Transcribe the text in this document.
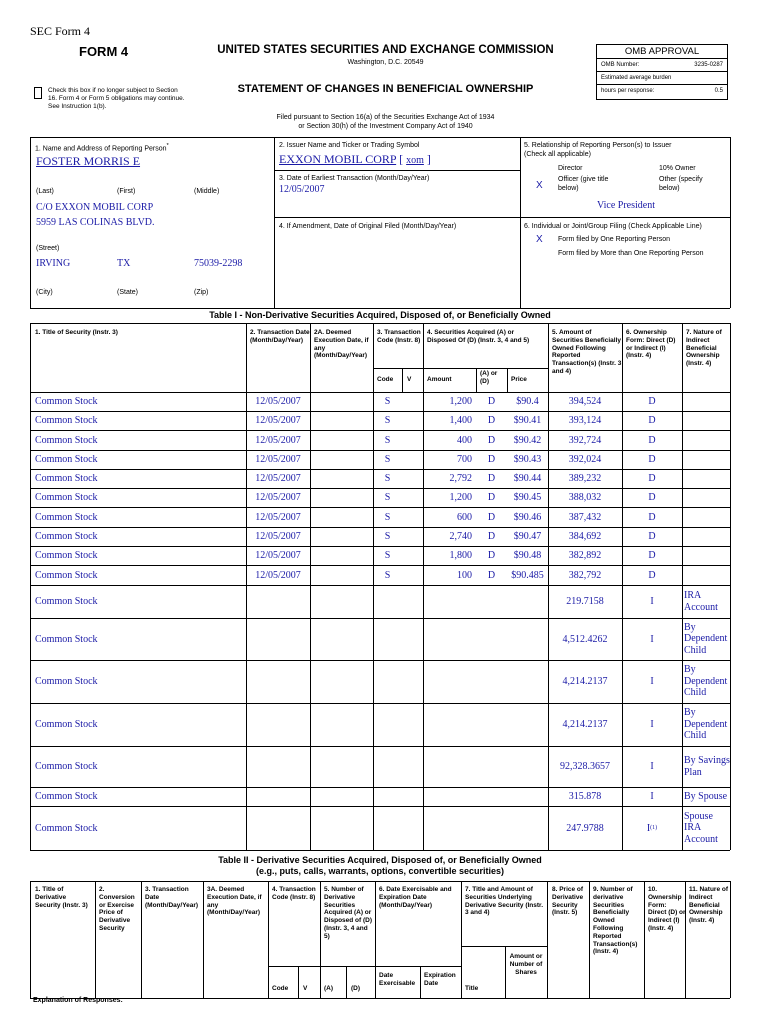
SEC Form 4
FORM 4	UNITED STATES SECURITIES AND EXCHANGE COMMISSION
Washington, D.C. 20549
STATEMENT OF CHANGES IN BENEFICIAL OWNERSHIP
Check this box if no longer subject to Section 16. Form 4 or Form 5 obligations may continue. See Instruction 1(b).
OMB APPROVAL
OMB Number:	3235-0287
Estimated average burden
hours per response:	0.5
Filed pursuant to Section 16(a) of the Securities Exchange Act of 1934
or Section 30(h) of the Investment Company Act of 1940
1. Name and Address of Reporting Person*
FOSTER MORRIS E
(Last)	(First)	(Middle)
C/O EXXON MOBIL CORP
5959 LAS COLINAS BLVD.
(Street)
IRVING	TX	75039-2298
(City)	(State)	(Zip)
2. Issuer Name and Ticker or Trading Symbol
EXXON MOBIL CORP [ xom ]
3. Date of Earliest Transaction (Month/Day/Year)
12/05/2007
4. If Amendment, Date of Original Filed (Month/Day/Year)
5. Relationship of Reporting Person(s) to Issuer
(Check all applicable)
Director	10% Owner
X
Officer (give title below)
Other (specify below)
Vice President
6. Individual or Joint/Group Filing (Check Applicable Line)
X Form filed by One Reporting Person
Form filed by More than One Reporting Person
Table I - Non-Derivative Securities Acquired, Disposed of, or Beneficially Owned
1. Title of Security (Instr. 3)	2. Transaction Date (Month/Day/Year)
2A. Deemed Execution Date, if any (Month/Day/Year)
3. Transaction Code (Instr. 8)
4. Securities Acquired (A) or Disposed Of (D) (Instr. 3, 4 and 5)
5. Amount of Securities Beneficially Owned Following Reported Transaction(s) (Instr. 3 and 4)
6. Ownership Form: Direct (D) or Indirect (I) (Instr. 4)
7. Nature of Indirect Beneficial Ownership (Instr. 4)
Code V Amount
(A) or (D)	Price
Common Stock	12/05/2007	S	1,200	D	$90.4	394,524	D
Common Stock	12/05/2007	S	1,400	D	$90.41	393,124	D
Common Stock	12/05/2007	S	400	D	$90.42	392,724	D
Common Stock	12/05/2007	S	700	D	$90.43	392,024	D
Common Stock	12/05/2007	S	2,792	D	$90.44	389,232	D
Common Stock	12/05/2007	S	1,200	D	$90.45	388,032	D
Common Stock	12/05/2007	S	600	D	$90.46	387,432	D
Common Stock	12/05/2007	S	2,740	D	$90.47	384,692	D
Common Stock	12/05/2007	S	1,800	D	$90.48	382,892	D
Common Stock	12/05/2007	S	100	D	$90.485	382,792	D
Common Stock	219.7158	I
IRA Account
Common Stock	4,512.4262	I
By Dependent Child
Common Stock	4,214.2137	I
By Dependent Child
Common Stock	4,214.2137	I
By Dependent Child
Common Stock	92,328.3657	I
By Savings Plan
Common Stock	315.878	I	By Spouse
Common Stock	247.9788	I (1)
Spouse IRA Account
Table II - Derivative Securities Acquired, Disposed of, or Beneficially Owned
(e.g., puts, calls, warrants, options, convertible securities)
1. Title of Derivative Security (Instr. 3)
2. Conversion or Exercise Price of Derivative Security
3. Transaction Date (Month/Day/Year)
3A. Deemed Execution Date, if any (Month/Day/Year)
4. Transaction Code (Instr. 8)
5. Number of Derivative Securities Acquired (A) or Disposed of (D) (Instr. 3, 4 and 5)
6. Date Exercisable and Expiration Date (Month/Day/Year)
7. Title and Amount of Securities Underlying Derivative Security (Instr. 3 and 4)
8. Price of Derivative Security (Instr. 5)
9. Number of derivative Securities Beneficially Owned Following Reported Transaction(s) (Instr. 4)
10. Ownership Form: Direct (D) or Indirect (I) (Instr. 4)
11. Nature of Indirect Beneficial Ownership (Instr. 4)
Code V	(A)	(D)
Date Exercisable
Expiration Date
Title
Amount or Number of Shares
Explanation of Responses:
